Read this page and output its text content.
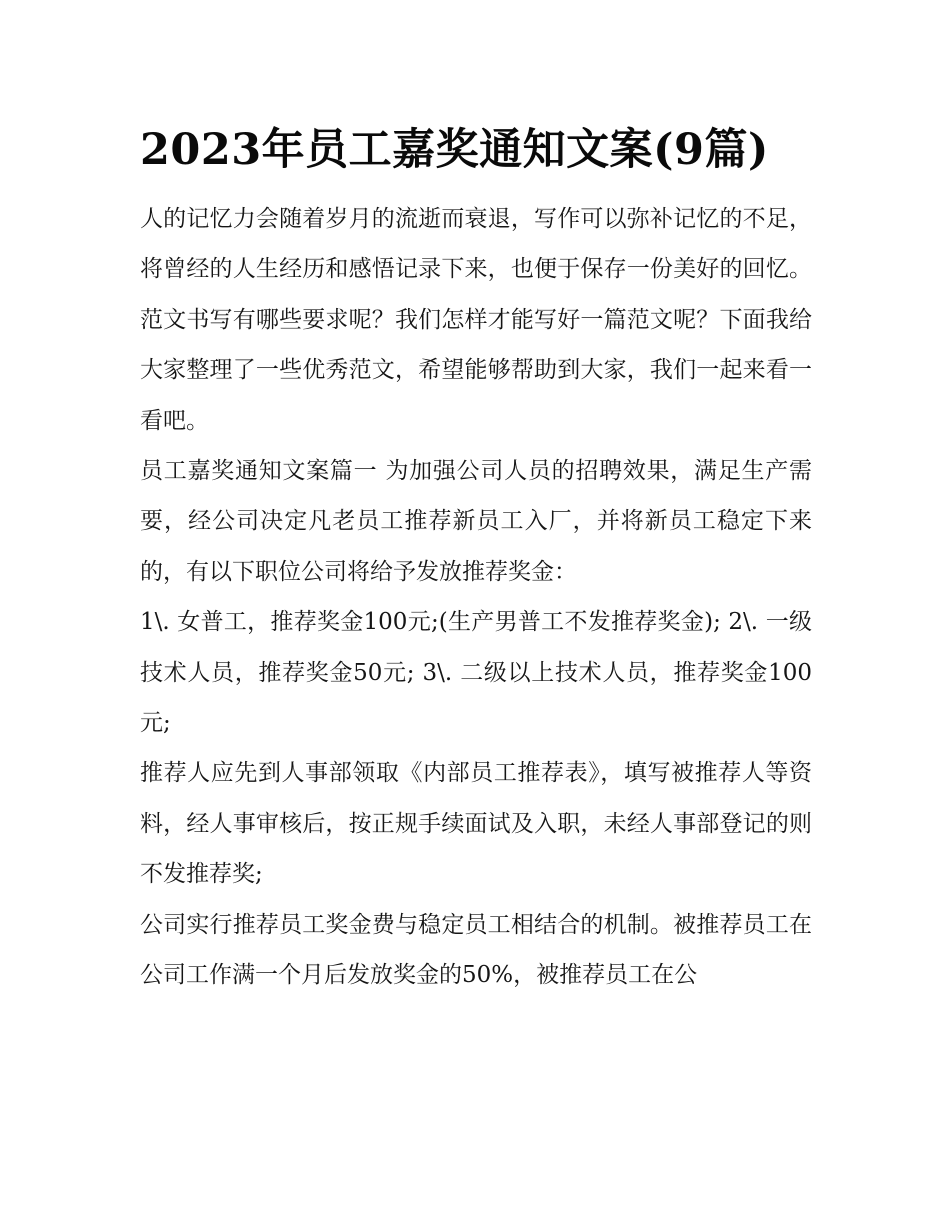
2023年员工嘉奖通知文案(9篇)

人的记忆力会随着岁月的流逝而衰退，写作可以弥补记忆的不足，将曾经的人生经历和感悟记录下来，也便于保存一份美好的回忆。范文书写有哪些要求呢？我们怎样才能写好一篇范文呢？下面我给大家整理了一些优秀范文，希望能够帮助到大家，我们一起来看一看吧。

员工嘉奖通知文案篇一 为加强公司人员的招聘效果，满足生产需要，经公司决定凡老员工推荐新员工入厂，并将新员工稳定下来的，有以下职位公司将给予发放推荐奖金：

1\. 女普工，推荐奖金100元;(生产男普工不发推荐奖金); 2\. 一级技术人员，推荐奖金50元; 3\. 二级以上技术人员，推荐奖金100元;

推荐人应先到人事部领取《内部员工推荐表》，填写被推荐人等资料，经人事审核后，按正规手续面试及入职，未经人事部登记的则不发推荐奖;

公司实行推荐员工奖金费与稳定员工相结合的机制。被推荐员工在公司工作满一个月后发放奖金的50%，被推荐员工在公
